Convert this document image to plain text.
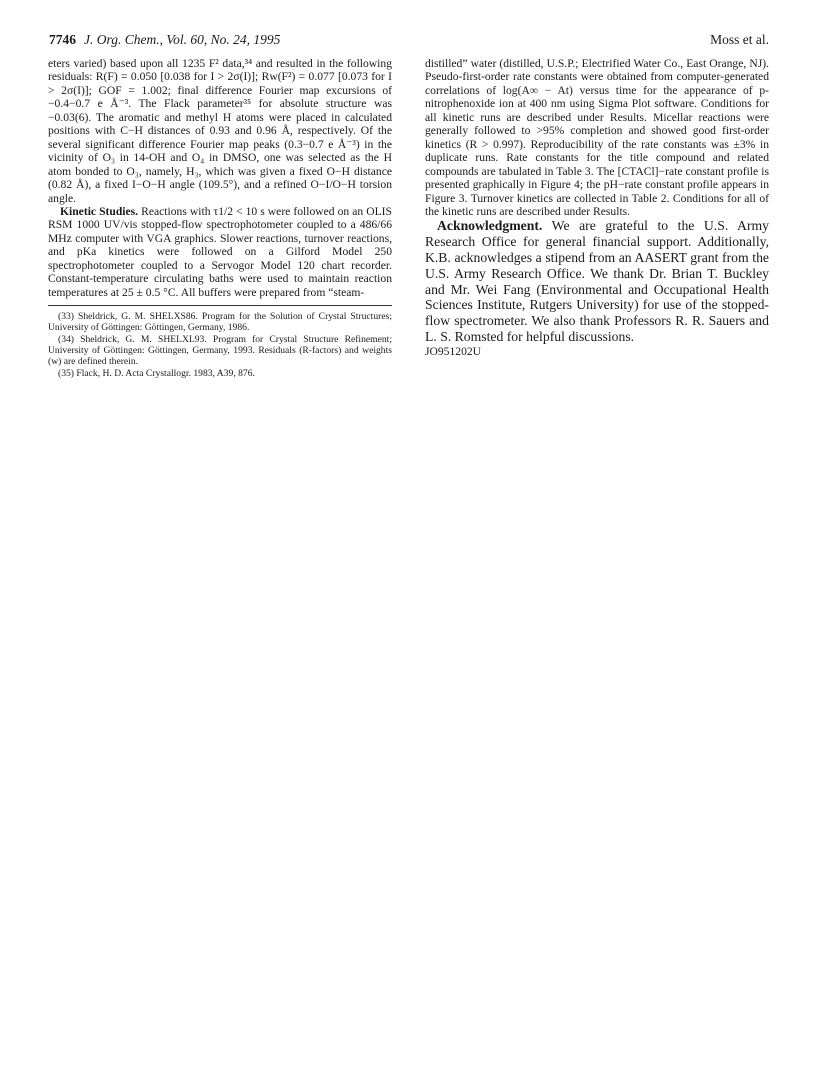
7746 J. Org. Chem., Vol. 60, No. 24, 1995	Moss et al.

eters varied) based upon all 1235 F² data,³⁴ and resulted in the following residuals: R(F) = 0.050 [0.038 for I > 2σ(I)]; Rw(F²) = 0.077 [0.073 for I > 2σ(I)]; GOF = 1.002; final difference Fourier map excursions of −0.4−0.7 e Å⁻³. The Flack parameter³⁵ for absolute structure was −0.03(6). The aromatic and methyl H atoms were placed in calculated positions with C−H distances of 0.93 and 0.96 Å, respectively. Of the several significant difference Fourier map peaks (0.3−0.7 e Å⁻³) in the vicinity of O₃ in 14-OH and O₄ in DMSO, one was selected as the H atom bonded to O₃, namely, H₃, which was given a fixed O−H distance (0.82 Å), a fixed I−O−H angle (109.5°), and a refined O−I/O−H torsion angle.

Kinetic Studies. Reactions with τ1/2 < 10 s were followed on an OLIS RSM 1000 UV/vis stopped-flow spectrophotometer coupled to a 486/66 MHz computer with VGA graphics. Slower reactions, turnover reactions, and pKa kinetics were followed on a Gilford Model 250 spectrophotometer coupled to a Servogor Model 120 chart recorder. Constant-temperature circulating baths were used to maintain reaction temperatures at 25 ± 0.5 °C. All buffers were prepared from “steam-

(33) Sheldrick, G. M. SHELXS86. Program for the Solution of Crystal Structures; University of Göttingen: Göttingen, Germany, 1986.

(34) Sheldrick, G. M. SHELXL93. Program for Crystal Structure Refinement; University of Göttingen: Göttingen, Germany, 1993. Residuals (R-factors) and weights (w) are defined therein.

(35) Flack, H. D. Acta Crystallogr. 1983, A39, 876.

distilled” water (distilled, U.S.P.; Electrified Water Co., East Orange, NJ). Pseudo-first-order rate constants were obtained from computer-generated correlations of log(A∞ − At) versus time for the appearance of p-nitrophenoxide ion at 400 nm using Sigma Plot software. Conditions for all kinetic runs are described under Results. Micellar reactions were generally followed to >95% completion and showed good first-order kinetics (R > 0.997). Reproducibility of the rate constants was ±3% in duplicate runs. Rate constants for the title compound and related compounds are tabulated in Table 3. The [CTACl]−rate constant profile is presented graphically in Figure 4; the pH−rate constant profile appears in Figure 3. Turnover kinetics are collected in Table 2. Conditions for all of the kinetic runs are described under Results.

Acknowledgment. We are grateful to the U.S. Army Research Office for general financial support. Additionally, K.B. acknowledges a stipend from an AASERT grant from the U.S. Army Research Office. We thank Dr. Brian T. Buckley and Mr. Wei Fang (Environmental and Occupational Health Sciences Institute, Rutgers University) for use of the stopped-flow spectrometer. We also thank Professors R. R. Sauers and L. S. Romsted for helpful discussions.

JO951202U
